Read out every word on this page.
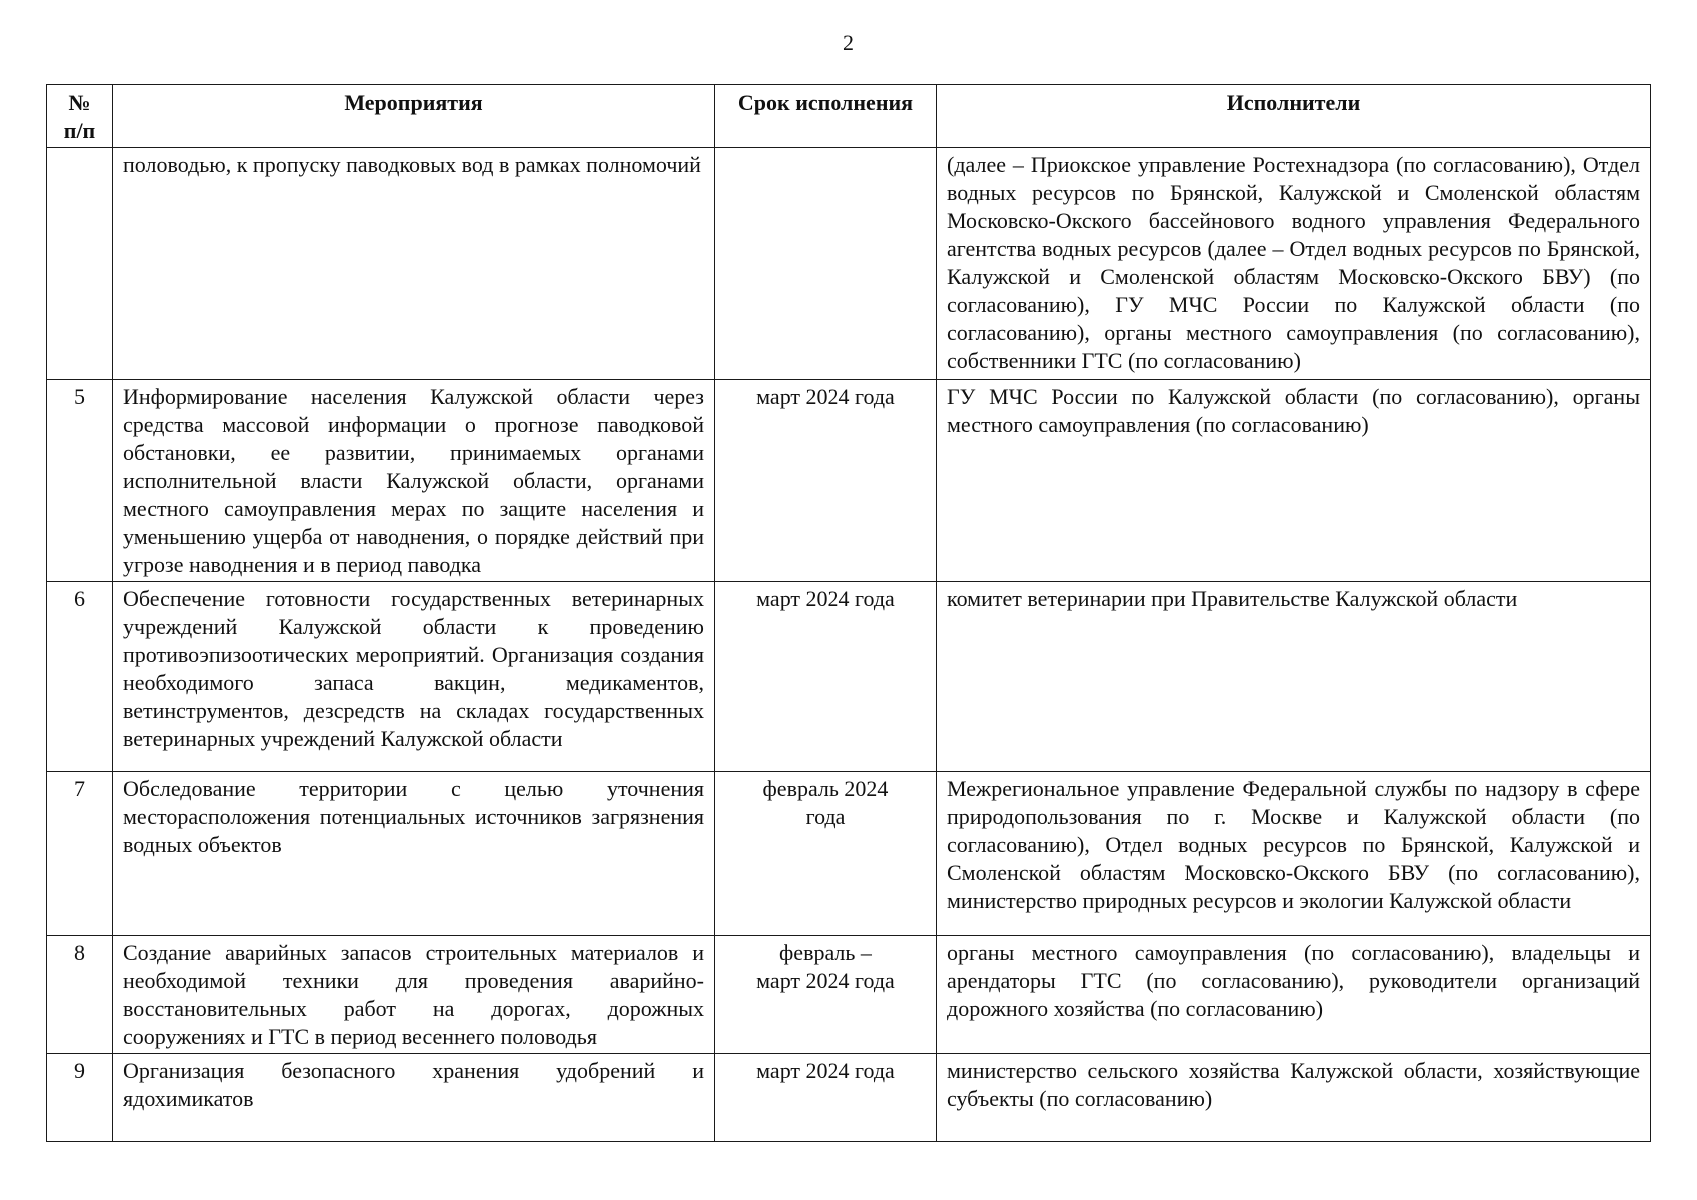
2
№ п/п	Мероприятия	Срок исполнения	Исполнители
	половодью, к пропуску паводковых вод в рамках полномочий		(далее – Приокское управление Ростехнадзора (по согласованию), Отдел водных ресурсов по Брянской, Калужской и Смоленской областям Московско-Окского бассейнового водного управления Федерального агентства водных ресурсов (далее – Отдел водных ресурсов по Брянской, Калужской и Смоленской областям Московско-Окского БВУ) (по согласованию), ГУ МЧС России по Калужской области (по согласованию), органы местного самоуправления (по согласованию), собственники ГТС (по согласованию)
5	Информирование населения Калужской области через средства массовой информации о прогнозе паводковой обстановки, ее развитии, принимаемых органами исполнительной власти Калужской области, органами местного самоуправления мерах по защите населения и уменьшению ущерба от наводнения, о порядке действий при угрозе наводнения и в период паводка	март 2024 года	ГУ МЧС России по Калужской области (по согласованию), органы местного самоуправления (по согласованию)
6	Обеспечение готовности государственных ветеринарных учреждений Калужской области к проведению противоэпизоотических мероприятий. Организация создания необходимого запаса вакцин, медикаментов, ветинструментов, дезсредств на складах государственных ветеринарных учреждений Калужской области	март 2024 года	комитет ветеринарии при Правительстве Калужской области
7	Обследование территории с целью уточнения месторасположения потенциальных источников загрязнения водных объектов	февраль 2024 года	Межрегиональное управление Федеральной службы по надзору в сфере природопользования по г. Москве и Калужской области (по согласованию), Отдел водных ресурсов по Брянской, Калужской и Смоленской областям Московско-Окского БВУ (по согласованию), министерство природных ресурсов и экологии Калужской области
8	Создание аварийных запасов строительных материалов и необходимой техники для проведения аварийно-восстановительных работ на дорогах, дорожных сооружениях и ГТС в период весеннего половодья	февраль – март 2024 года	органы местного самоуправления (по согласованию), владельцы и арендаторы ГТС (по согласованию), руководители организаций дорожного хозяйства (по согласованию)
9	Организация безопасного хранения удобрений и ядохимикатов	март 2024 года	министерство сельского хозяйства Калужской области, хозяйствующие субъекты (по согласованию)
